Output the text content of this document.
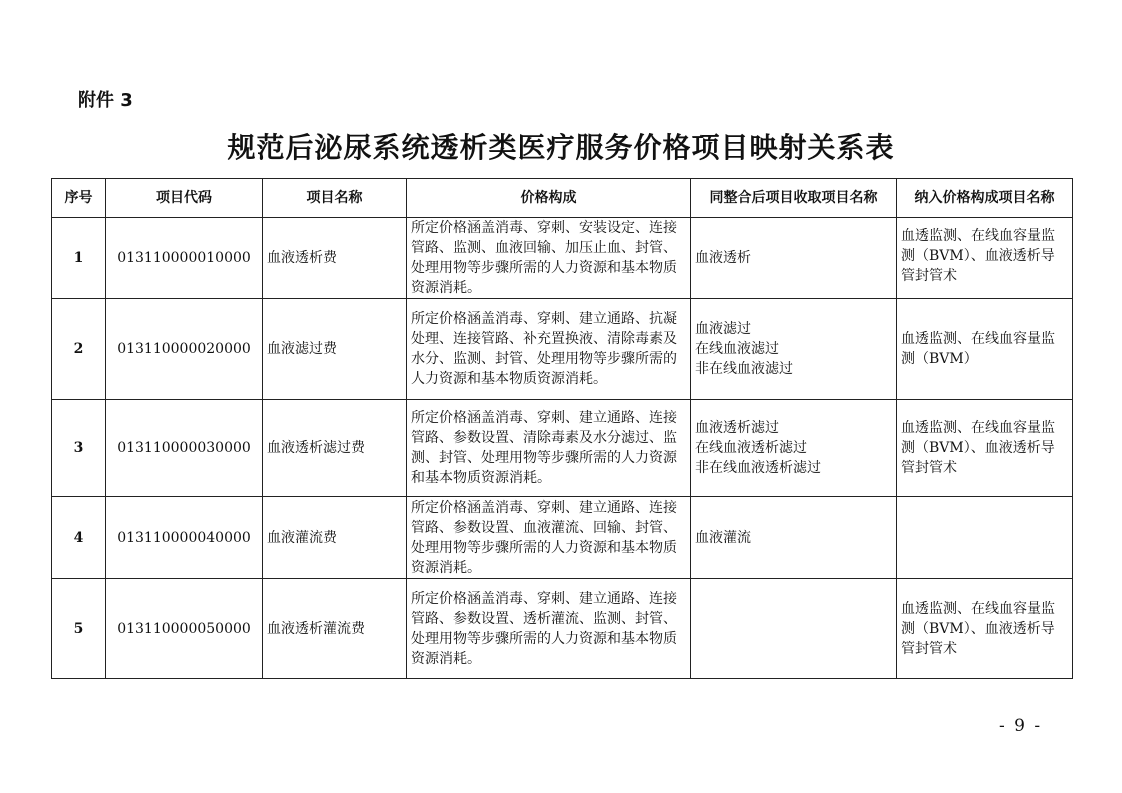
附件 3
规范后泌尿系统透析类医疗服务价格项目映射关系表
序号	项目代码	项目名称	价格构成	同整合后项目收取项目名称	纳入价格构成项目名称
1	013110000010000	血液透析费	所定价格涵盖消毒、穿刺、安装设定、连接管路、监测、血液回输、加压止血、封管、处理用物等步骤所需的人力资源和基本物质资源消耗。	血液透析	血透监测、在线血容量监测（BVM）、血液透析导管封管术
2	013110000020000	血液滤过费	所定价格涵盖消毒、穿刺、建立通路、抗凝处理、连接管路、补充置换液、清除毒素及水分、监测、封管、处理用物等步骤所需的人力资源和基本物质资源消耗。	血液滤过
在线血液滤过
非在线血液滤过	血透监测、在线血容量监测（BVM）
3	013110000030000	血液透析滤过费	所定价格涵盖消毒、穿刺、建立通路、连接管路、参数设置、清除毒素及水分滤过、监测、封管、处理用物等步骤所需的人力资源和基本物质资源消耗。	血液透析滤过
在线血液透析滤过
非在线血液透析滤过	血透监测、在线血容量监测（BVM）、血液透析导管封管术
4	013110000040000	血液灌流费	所定价格涵盖消毒、穿刺、建立通路、连接管路、参数设置、血液灌流、回输、封管、处理用物等步骤所需的人力资源和基本物质资源消耗。	血液灌流	
5	013110000050000	血液透析灌流费	所定价格涵盖消毒、穿刺、建立通路、连接管路、参数设置、透析灌流、监测、封管、处理用物等步骤所需的人力资源和基本物质资源消耗。		血透监测、在线血容量监测（BVM）、血液透析导管封管术
- 9 -
